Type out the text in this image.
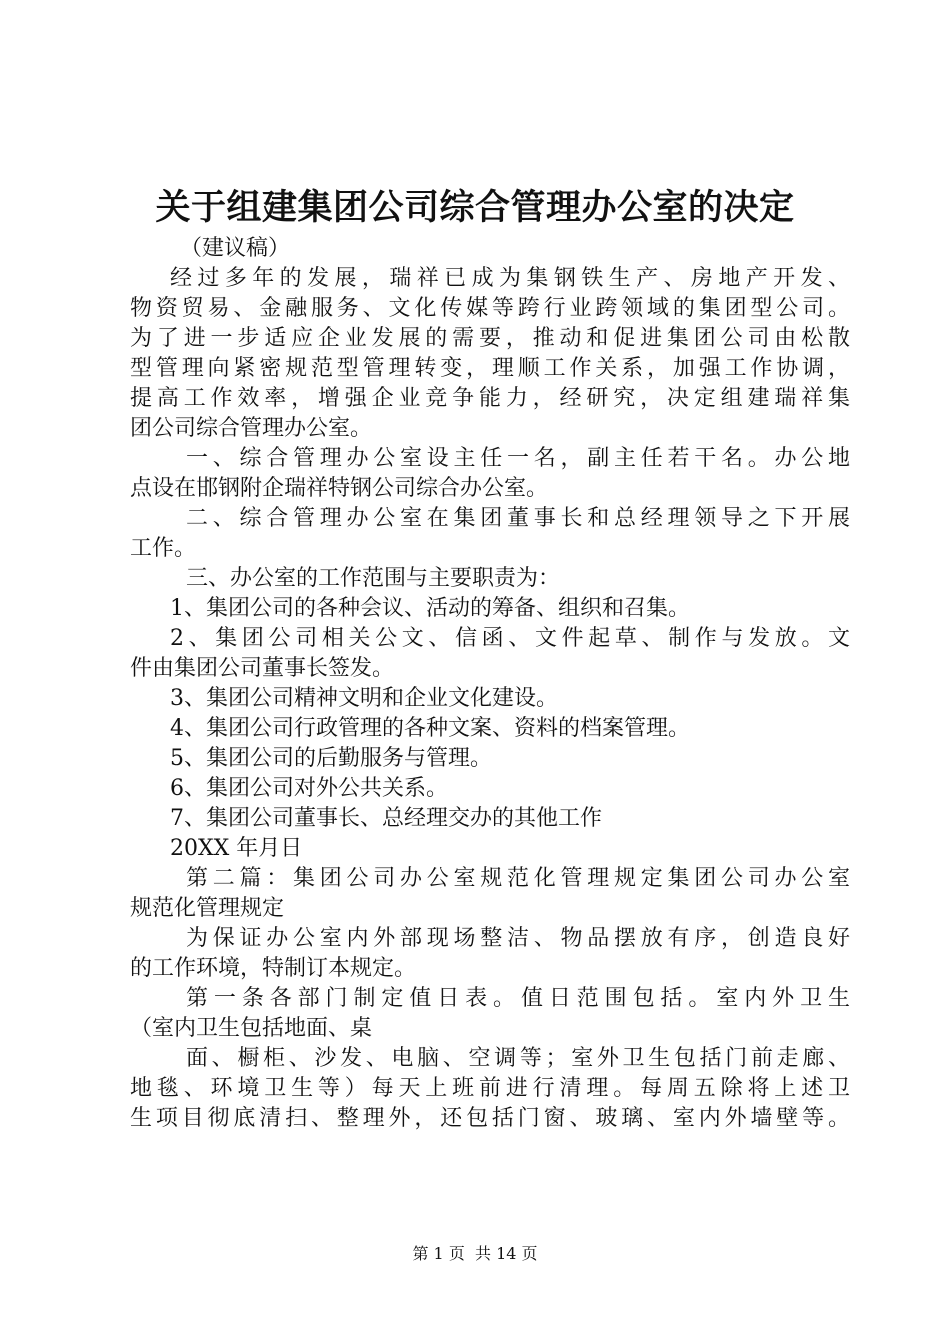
关于组建集团公司综合管理办公室的决定
（建议稿）
经过多年的发展，瑞祥已成为集钢铁生产、房地产开发、
物资贸易、金融服务、文化传媒等跨行业跨领域的集团型公司。
为了进一步适应企业发展的需要，推动和促进集团公司由松散
型管理向紧密规范型管理转变，理顺工作关系，加强工作协调，
提高工作效率，增强企业竞争能力，经研究，决定组建瑞祥集
团公司综合管理办公室。
一、综合管理办公室设主任一名，副主任若干名。办公地
点设在邯钢附企瑞祥特钢公司综合办公室。
二、综合管理办公室在集团董事长和总经理领导之下开展
工作。
三、办公室的工作范围与主要职责为：
1、集团公司的各种会议、活动的筹备、组织和召集。
2、集团公司相关公文、信函、文件起草、制作与发放。文
件由集团公司董事长签发。
3、集团公司精神文明和企业文化建设。
4、集团公司行政管理的各种文案、资料的档案管理。
5、集团公司的后勤服务与管理。
6、集团公司对外公共关系。
7、集团公司董事长、总经理交办的其他工作
20XX 年月日
第二篇：集团公司办公室规范化管理规定集团公司办公室
规范化管理规定
为保证办公室内外部现场整洁、物品摆放有序，创造良好
的工作环境，特制订本规定。
第一条各部门制定值日表。值日范围包括。室内外卫生
（室内卫生包括地面、桌
面、橱柜、沙发、电脑、空调等；室外卫生包括门前走廊、
地毯、环境卫生等）每天上班前进行清理。每周五除将上述卫
生项目彻底清扫、整理外，还包括门窗、玻璃、室内外墙壁等。
第 1 页  共 14 页
